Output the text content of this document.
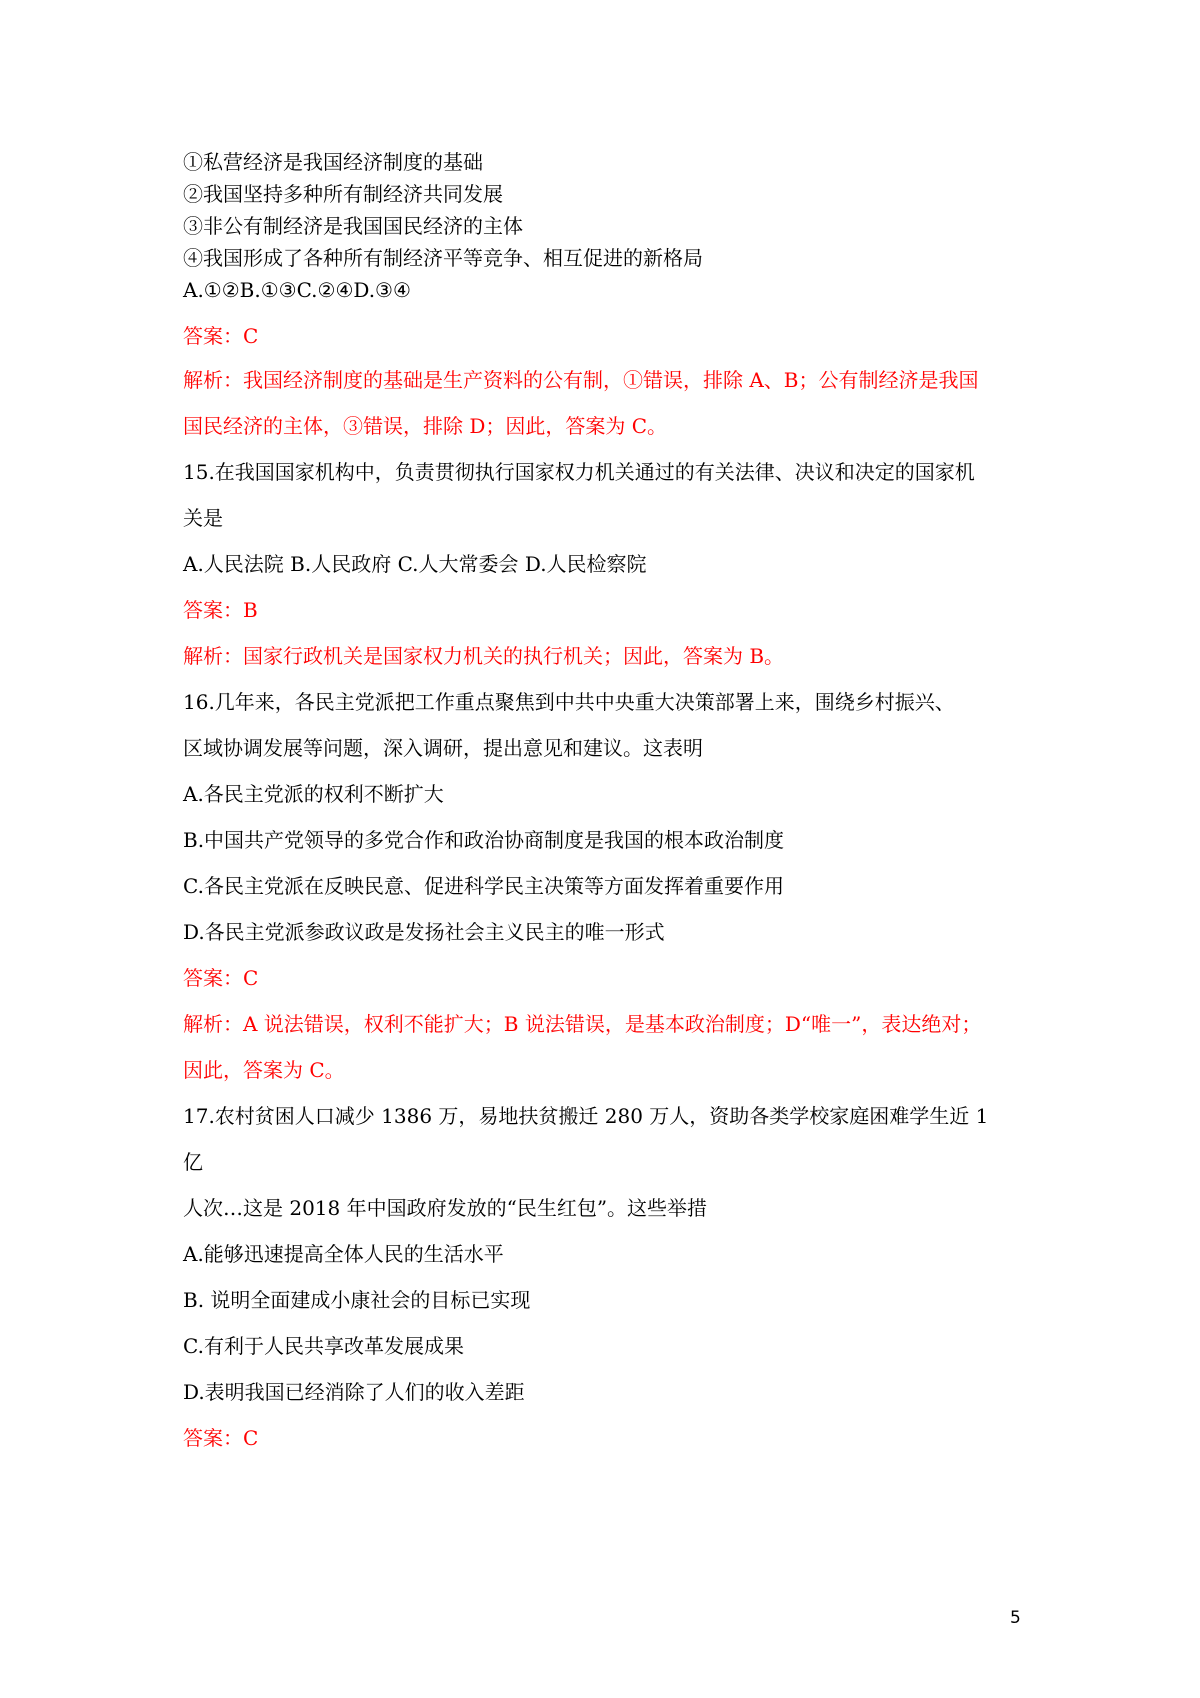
①私营经济是我国经济制度的基础

②我国坚持多种所有制经济共同发展

③非公有制经济是我国国民经济的主体

④我国形成了各种所有制经济平等竞争、相互促进的新格局

A.①②B.①③C.②④D.③④

答案：C

解析：我国经济制度的基础是生产资料的公有制，①错误，排除 A、B；公有制经济是我国

国民经济的主体，③错误，排除 D；因此，答案为 C。

15.在我国国家机构中，负责贯彻执行国家权力机关通过的有关法律、决议和决定的国家机

关是

A.人民法院 B.人民政府 C.人大常委会 D.人民检察院

答案：B

解析：国家行政机关是国家权力机关的执行机关；因此，答案为 B。

16.几年来，各民主党派把工作重点聚焦到中共中央重大决策部署上来，围绕乡村振兴、

区域协调发展等问题，深入调研，提出意见和建议。这表明

A.各民主党派的权利不断扩大

B.中国共产党领导的多党合作和政治协商制度是我国的根本政治制度

C.各民主党派在反映民意、促进科学民主决策等方面发挥着重要作用

D.各民主党派参政议政是发扬社会主义民主的唯一形式

答案：C

解析：A 说法错误，权利不能扩大；B 说法错误，是基本政治制度；D“唯一”，表达绝对；

因此，答案为 C。

17.农村贫困人口减少 1386 万，易地扶贫搬迁 280 万人，资助各类学校家庭困难学生近 1

亿

人次…这是 2018 年中国政府发放的“民生红包”。这些举措

A.能够迅速提高全体人民的生活水平

B. 说明全面建成小康社会的目标已实现

C.有利于人民共享改革发展成果

D.表明我国已经消除了人们的收入差距

答案：C

5
